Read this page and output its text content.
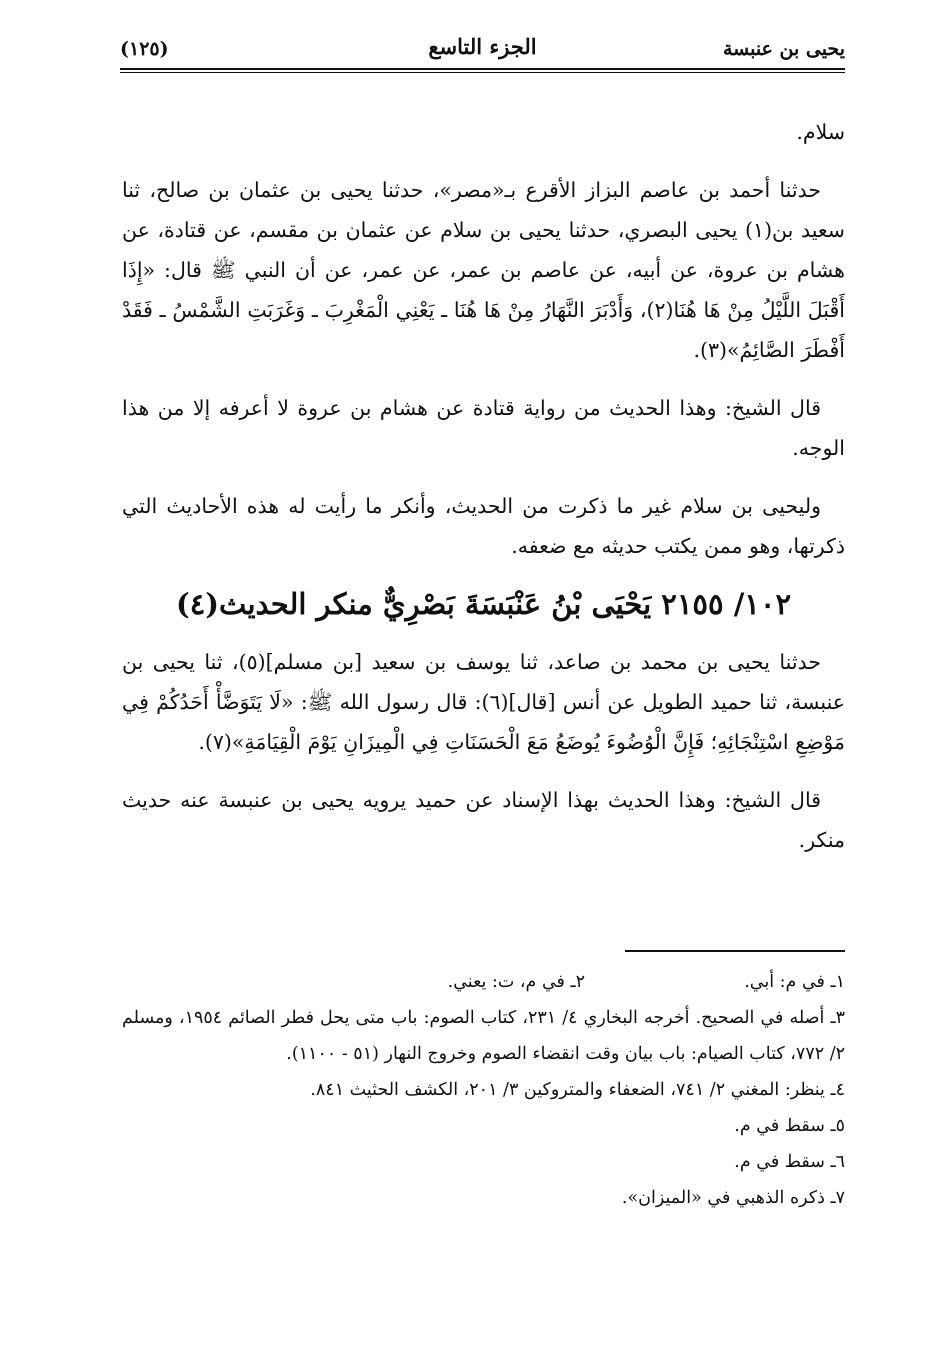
يحيى بن عنبسة
الجزء التاسع
(١٢٥)

سلام.

حدثنا أحمد بن عاصم البزاز الأقرع بـ«مصر»، حدثنا يحيى بن عثمان بن صالح، ثنا سعيد بن(١) يحيى البصري، حدثنا يحيى بن سلام عن عثمان بن مقسم، عن قتادة، عن هشام بن عروة، عن أبيه، عن عاصم بن عمر، عن عمر، عن أن النبي ﷺ قال: «إِذَا أَقْبَلَ اللَّيْلُ مِنْ هَا هُنَا(٢)، وَأَدْبَرَ النَّهَارُ مِنْ هَا هُنَا ـ يَعْنِي الْمَغْرِبَ ـ وَغَرَبَتِ الشَّمْسُ ـ فَقَدْ أَفْطَرَ الصَّائِمُ»(٣).

قال الشيخ: وهذا الحديث من رواية قتادة عن هشام بن عروة لا أعرفه إلا من هذا الوجه.

وليحيى بن سلام غير ما ذكرت من الحديث، وأنكر ما رأيت له هذه الأحاديث التي ذكرتها، وهو ممن يكتب حديثه مع ضعفه.

١٠٢/ ٢١٥٥ يَحْيَى بْنُ عَنْبَسَةَ بَصْرِيٌّ منكر الحديث(٤)

حدثنا يحيى بن محمد بن صاعد، ثنا يوسف بن سعيد [بن مسلم](٥)، ثنا يحيى بن عنبسة، ثنا حميد الطويل عن أنس [قال](٦): قال رسول الله ﷺ: «لَا يَتَوَضَّأْ أَحَدُكُمْ فِي مَوْضِعِ اسْتِنْجَائِهِ؛ فَإِنَّ الْوُضُوءَ يُوضَعُ مَعَ الْحَسَنَاتِ فِي الْمِيزَانِ يَوْمَ الْقِيَامَةِ»(٧).

قال الشيخ: وهذا الحديث بهذا الإسناد عن حميد يرويه يحيى بن عنبسة عنه حديث منكر.

١ـ في م: أبي.
٢ـ في م، ت: يعني.

٣ـ أصله في الصحيح. أخرجه البخاري ٤/ ٢٣١، كتاب الصوم: باب متى يحل فطر الصائم ١٩٥٤، ومسلم ٢/ ٧٧٢، كتاب الصيام: باب بيان وقت انقضاء الصوم وخروج النهار (٥١ - ١١٠٠).

٤ـ ينظر: المغني ٢/ ٧٤١، الضعفاء والمتروكين ٣/ ٢٠١، الكشف الحثيث ٨٤١.

٥ـ سقط في م.

٦ـ سقط في م.

٧ـ ذكره الذهبي في «الميزان».
